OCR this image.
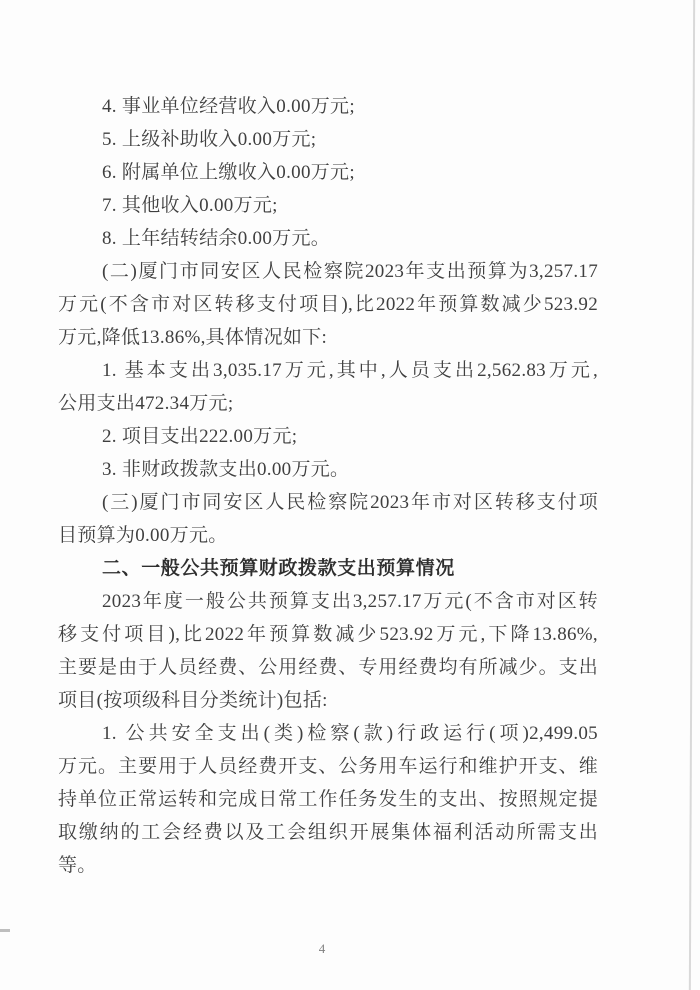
4. 事业单位经营收入0.00万元;
5. 上级补助收入0.00万元;
6. 附属单位上缴收入0.00万元;
7. 其他收入0.00万元;
8. 上年结转结余0.00万元。
(二)厦门市同安区人民检察院2023年支出预算为3,257.17
万元(不含市对区转移支付项目),比2022年预算数减少523.92
万元,降低13.86%,具体情况如下:
1. 基本支出3,035.17万元,其中,人员支出2,562.83万元,
公用支出472.34万元;
2. 项目支出222.00万元;
3. 非财政拨款支出0.00万元。
(三)厦门市同安区人民检察院2023年市对区转移支付项
目预算为0.00万元。
二、一般公共预算财政拨款支出预算情况
2023年度一般公共预算支出3,257.17万元(不含市对区转
移支付项目),比2022年预算数减少523.92万元,下降13.86%,
主要是由于人员经费、公用经费、专用经费均有所减少。支出
项目(按项级科目分类统计)包括:
1. 公共安全支出(类)检察(款)行政运行(项)2,499.05
万元。主要用于人员经费开支、公务用车运行和维护开支、维
持单位正常运转和完成日常工作任务发生的支出、按照规定提
取缴纳的工会经费以及工会组织开展集体福利活动所需支出
等。
4
